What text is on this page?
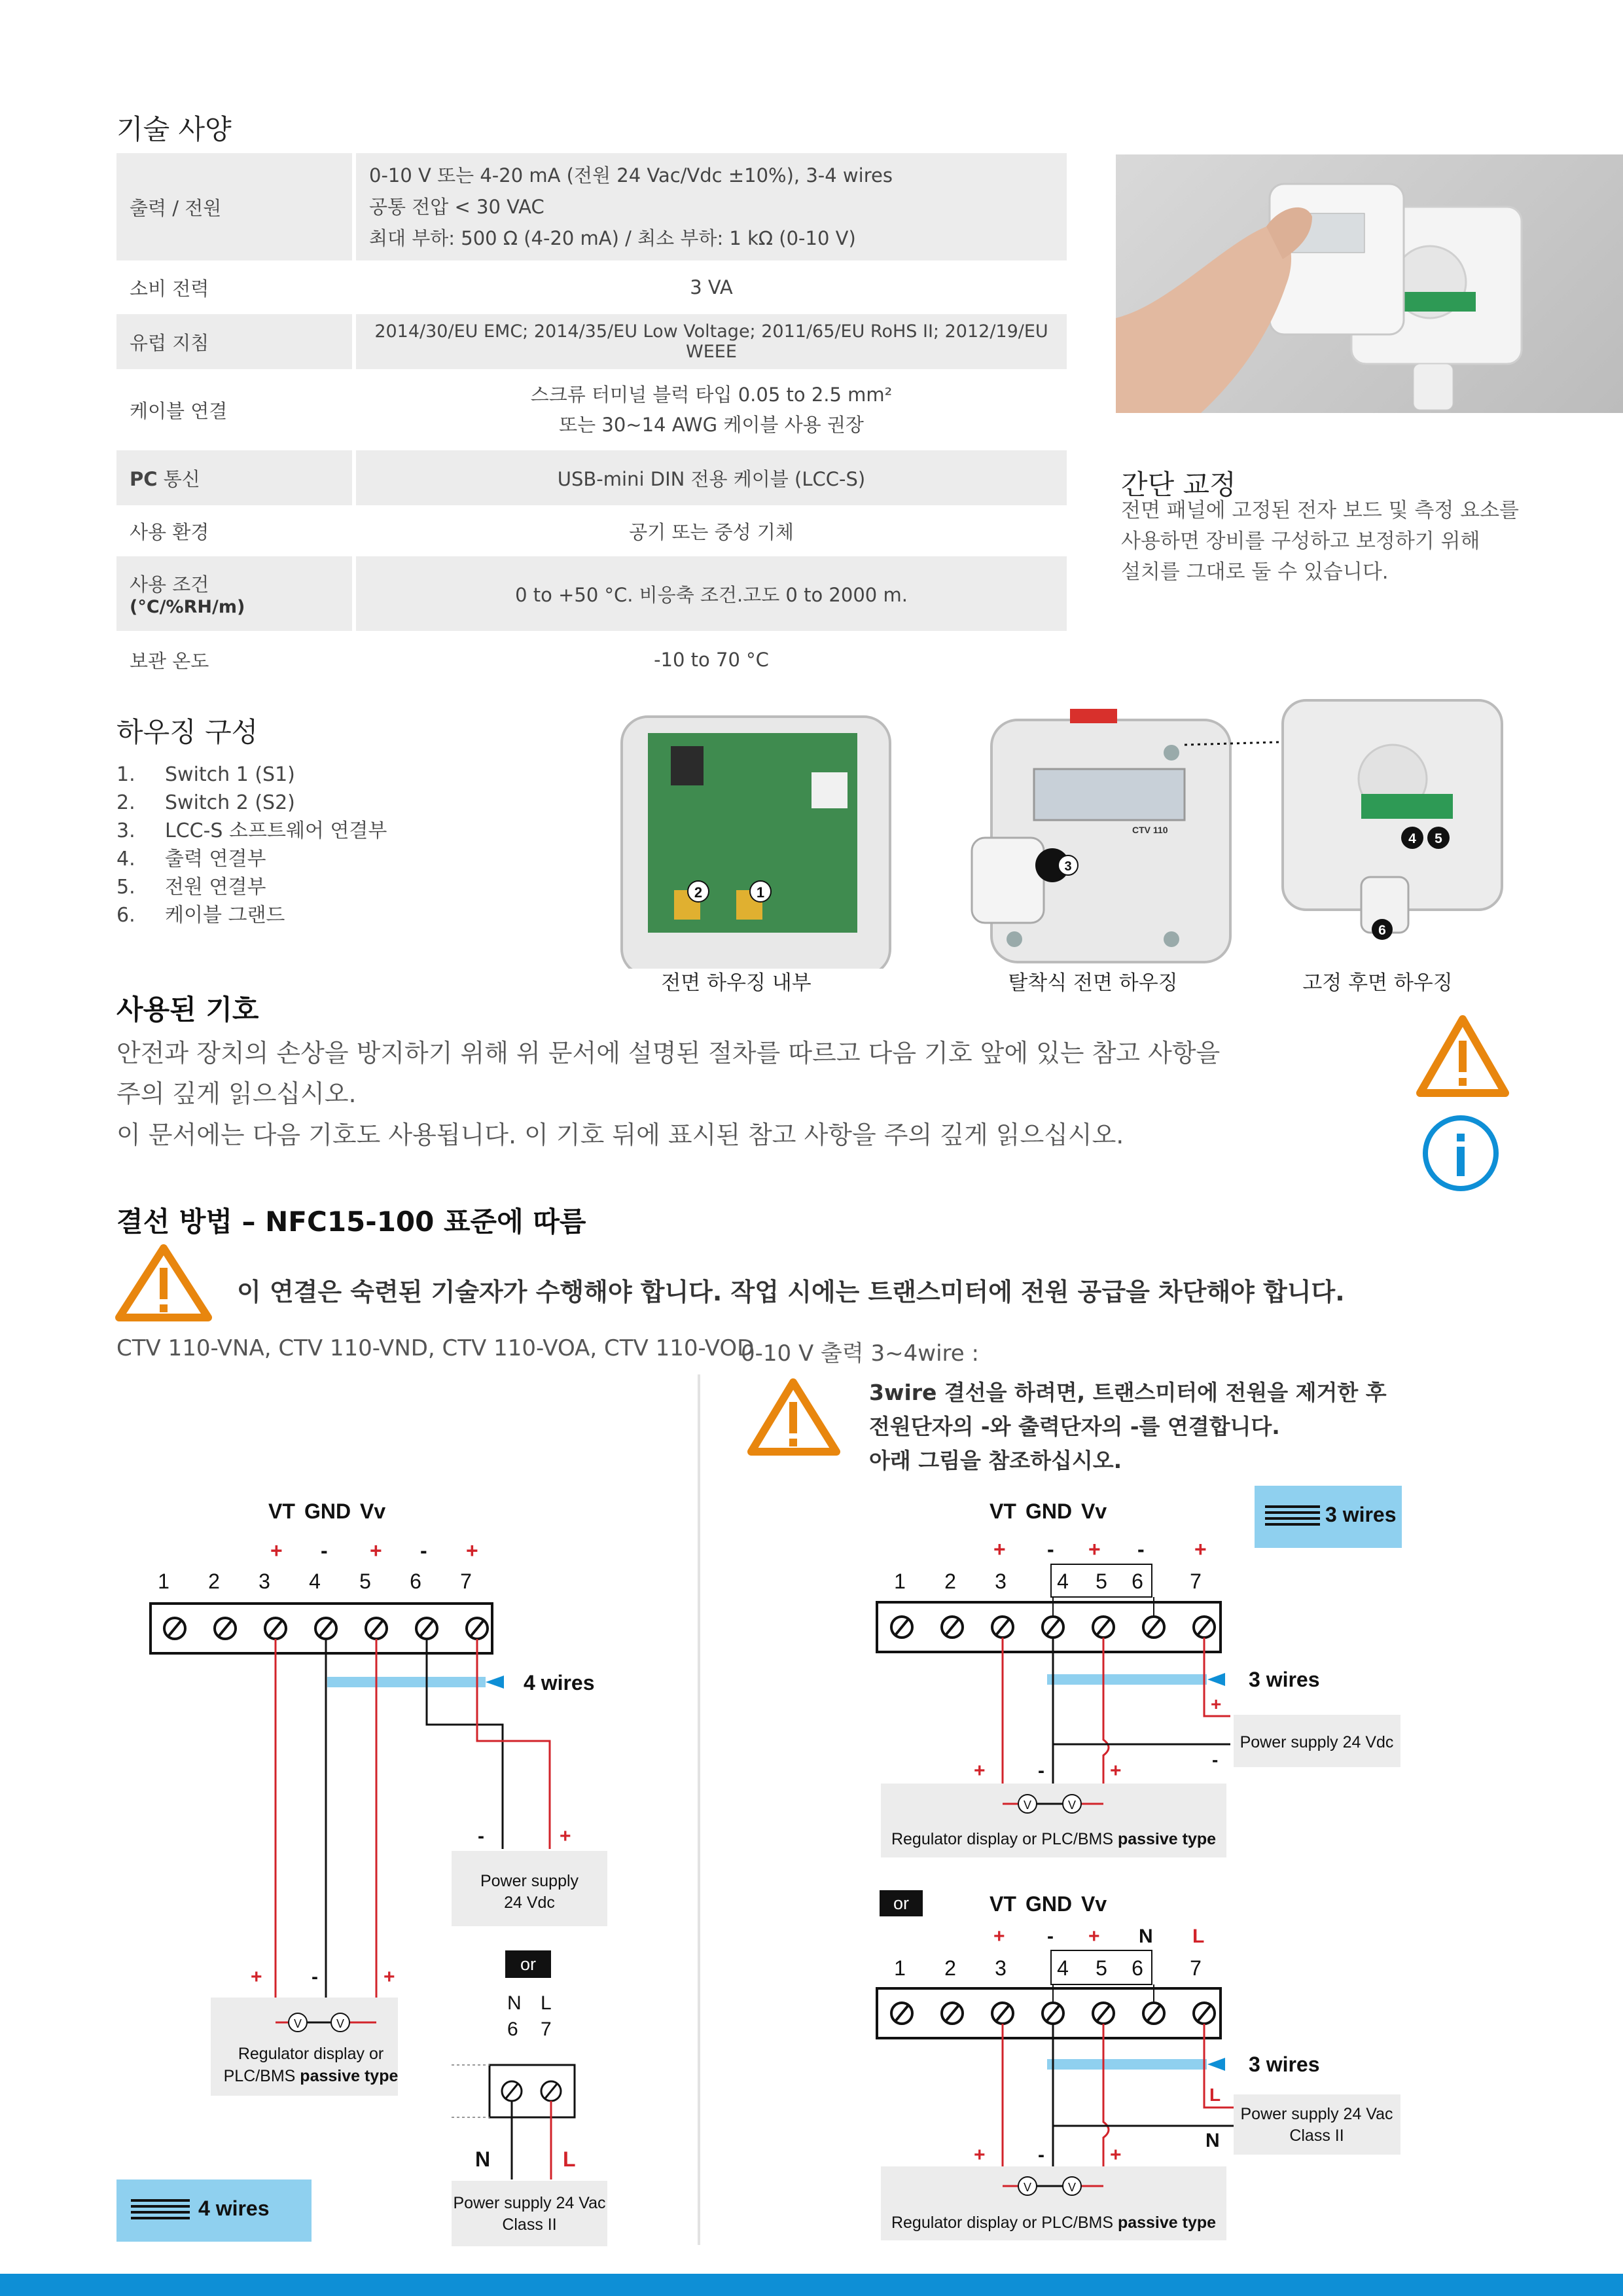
기술 사양
출력 / 전원	0-10 V 또는 4-20 mA (전원 24 Vac/Vdc ±10%), 3-4 wires
공통 전압 < 30 VAC
최대 부하: 500 Ω (4-20 mA) / 최소 부하: 1 kΩ (0-10 V)

소비 전력	3 VA
유럽 지침	2014/30/EU EMC; 2014/35/EU Low Voltage; 2011/65/EU RoHS II; 2012/19/EU WEEE
케이블 연결	스크류 터미널 블럭 타입 0.05 to 2.5 mm²
또는 30~14 AWG 케이블 사용 권장

PC 통신	USB-mini DIN 전용 케이블 (LCC-S)
사용 환경	공기 또는 중성 기체
사용 조건
(°C/%RH/m)	0 to +50 °C. 비응축 조건.고도 0 to 2000 m.
보관 온도	-10 to 70 °C
간단 교정
전면 패널에 고정된 전자 보드 및 측정 요소를
사용하면 장비를 구성하고 보정하기 위해
설치를 그대로 둘 수 있습니다.
하우징 구성
1. Switch 1 (S1)
2. Switch 2 (S2)
3. LCC-S 소프트웨어 연결부
4. 출력 연결부
5. 전원 연결부
6. 케이블 그랜드
2	1
CTV 110
3
4 5
6
전면 하우징 내부	탈착식 전면 하우징	고정 후면 하우징
사용된 기호
안전과 장치의 손상을 방지하기 위해 위 문서에 설명된 절차를 따르고 다음 기호 앞에 있는 참고 사항을
주의 깊게 읽으십시오.
이 문서에는 다음 기호도 사용됩니다. 이 기호 뒤에 표시된 참고 사항을 주의 깊게 읽으십시오.
결선 방법 – NFC15-100 표준에 따름
이 연결은 숙련된 기술자가 수행해야 합니다. 작업 시에는 트랜스미터에 전원 공급을 차단해야 합니다.
CTV 110-VNA, CTV 110-VND, CTV 110-VOA, CTV 110-VOD
0-10 V 출력 3~4wire :
3wire 결선을 하려면, 트랜스미터에 전원을 제거한 후
전원단자의 -와 출력단자의 -를 연결합니다.
아래 그림을 참조하십시오.
VT GND Vv
+ - + - +
1 2 3 4 5 6 7
4 wires
-	+
Power supply
24 Vdc
or
N L
6 7
N	L
Power supply 24 Vac
Class II
+	-	+
V	V
Regulator display or
PLC/BMS passive type
4 wires
3 wires
VT GND Vv
+ - + - +
1 2 3 4 5 6 7
3 wires
+
-
Power supply 24 Vdc
+	-	+
V	V
Regulator display or PLC/BMS passive type
or	VT GND Vv
+ - + N L
1 2 3 4 5 6 7
3 wires
L
N
Power supply 24 Vac
Class II
+	-	+
V	V
Regulator display or PLC/BMS passive type
